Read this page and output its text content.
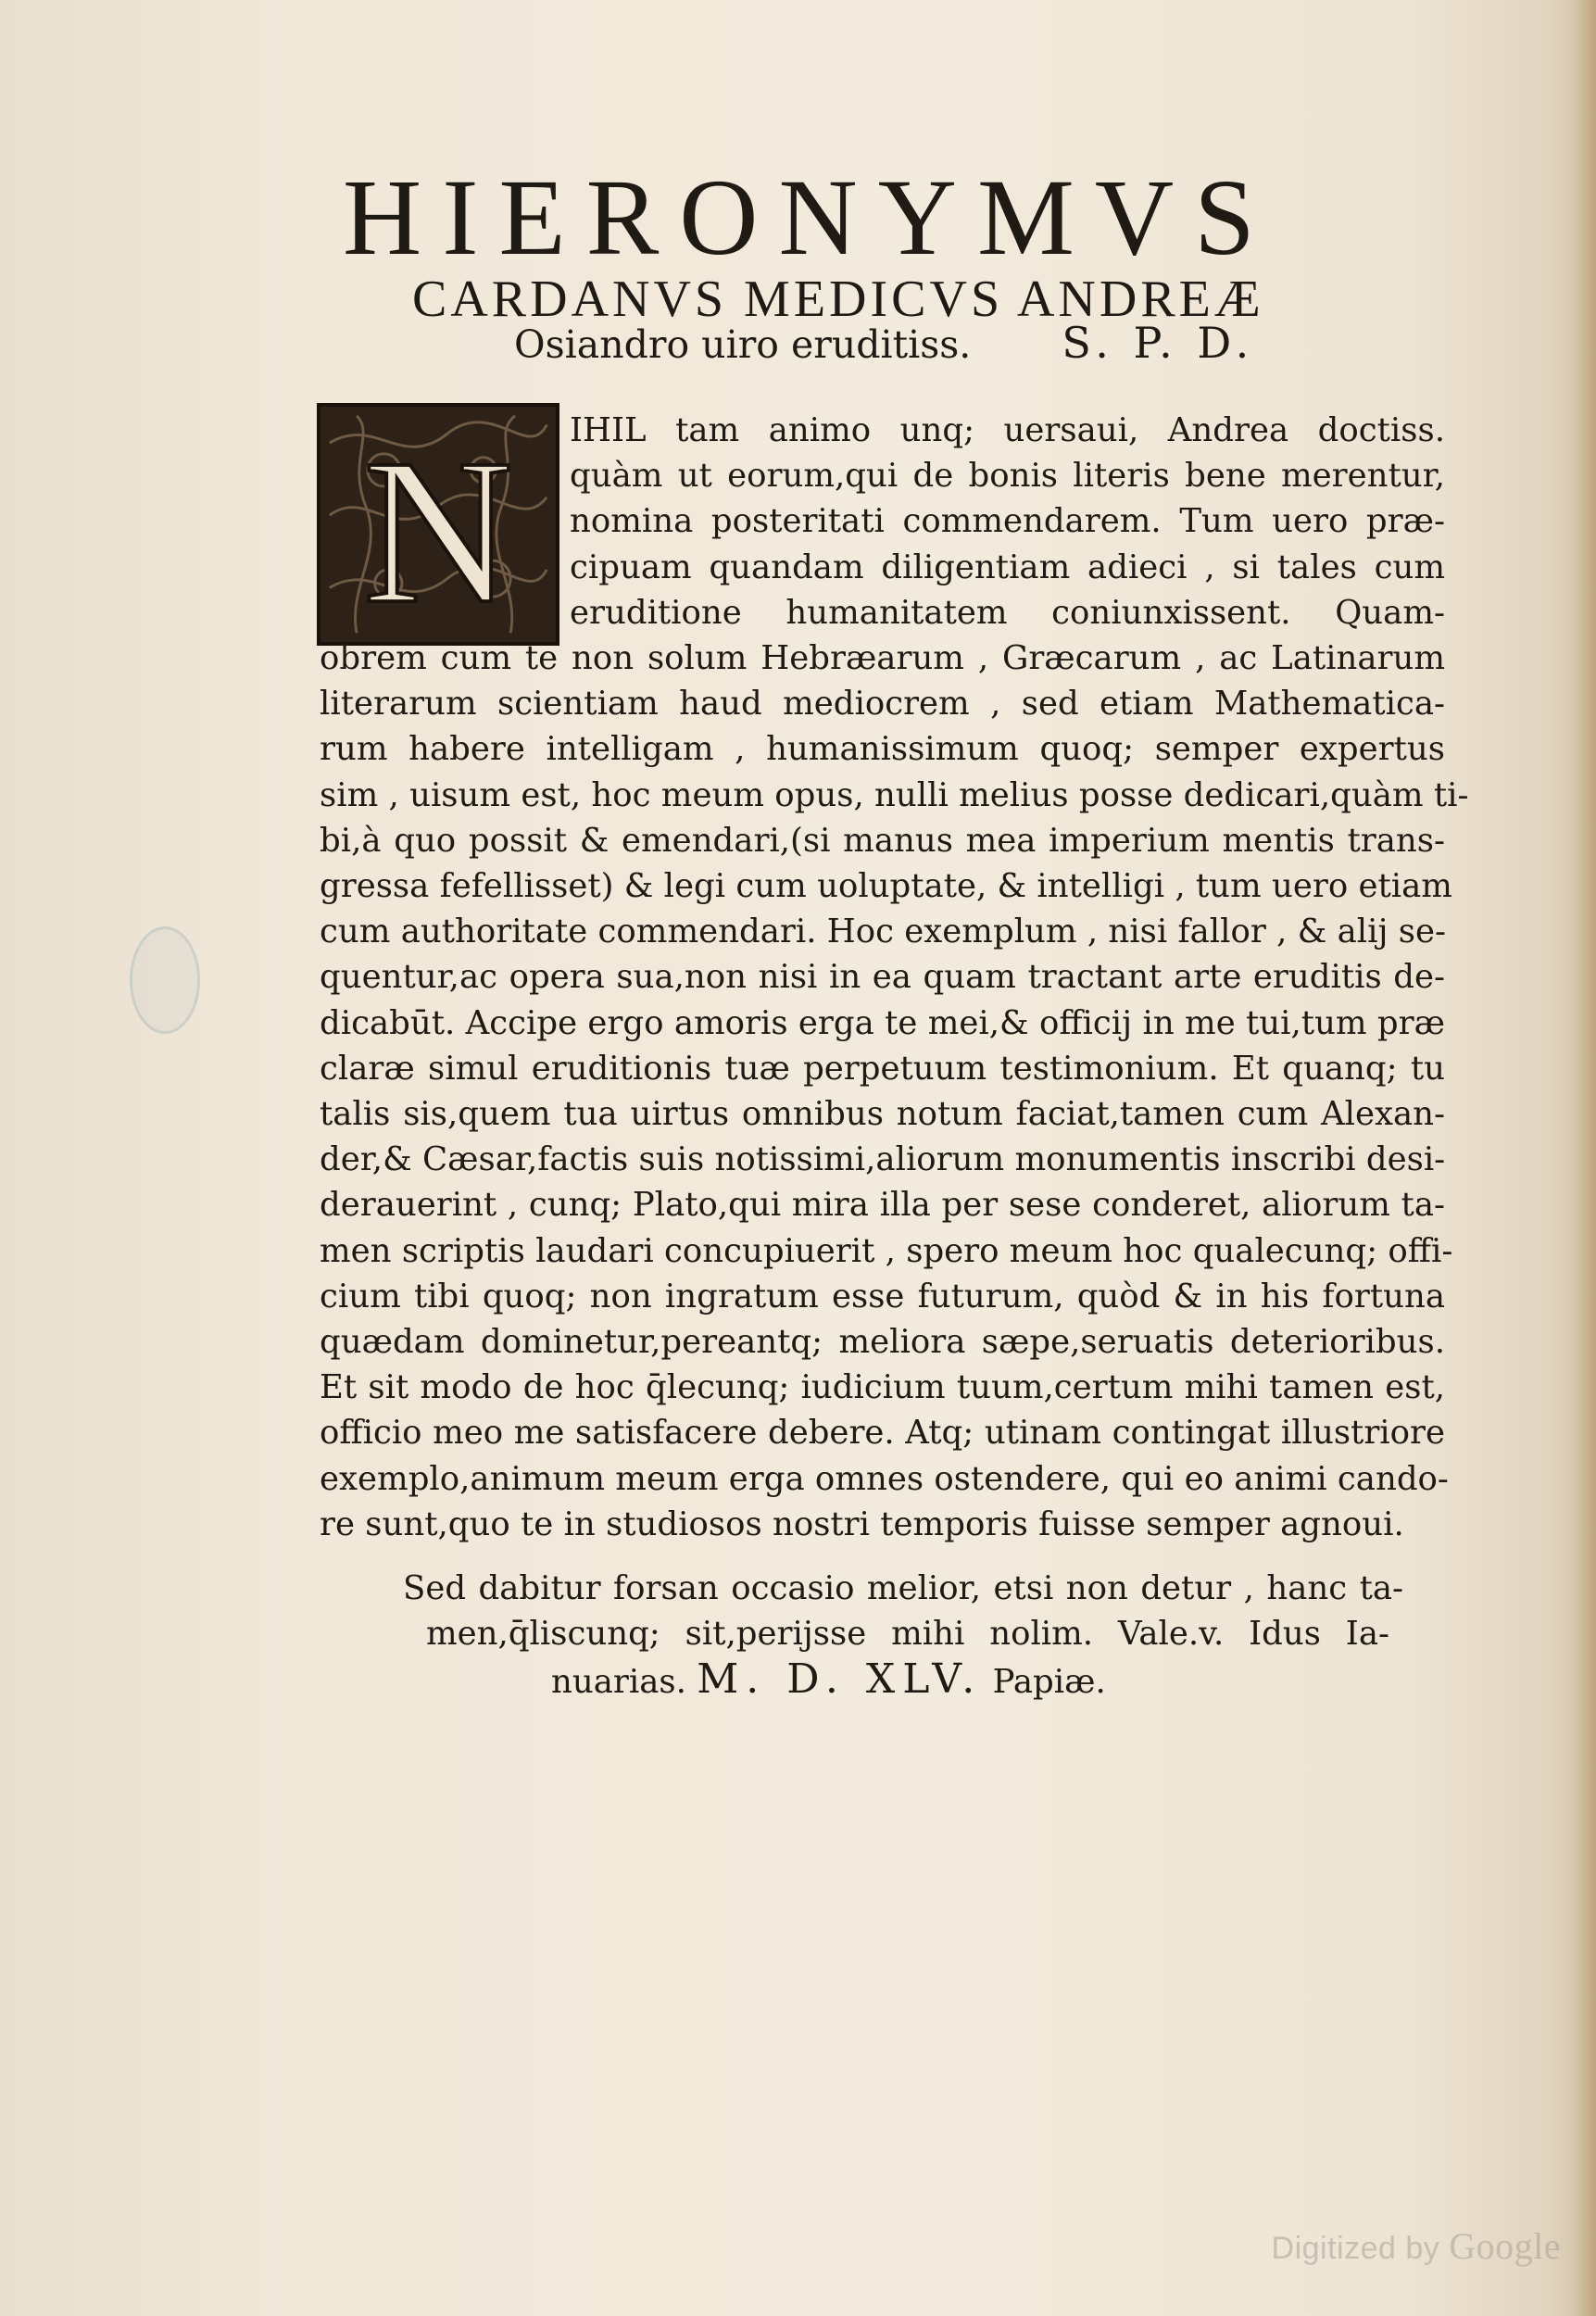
HIERONYMVS
CARDANVS MEDICVS ANDREÆ
Osiandro uiro eruditiss. S. P. D.
N	IHIL tam animo unq; uersaui, Andrea doctiss.
quàm ut eorum,qui de bonis literis bene merentur,
nomina posteritati commendarem. Tum uero præ-
cipuam quandam diligentiam adieci , si tales cum
eruditione humanitatem coniunxissent. Quam-
obrem cum te non solum Hebræarum , Græcarum , ac Latinarum
literarum scientiam haud mediocrem , sed etiam Mathematica-
rum habere intelligam , humanissimum quoq; semper expertus
sim , uisum est, hoc meum opus, nulli melius posse dedicari,quàm ti-
bi,à quo possit & emendari,(si manus mea imperium mentis trans-
gressa fefellisset) & legi cum uoluptate, & intelligi , tum uero etiam
cum authoritate commendari. Hoc exemplum , nisi fallor , & alij se-
quentur,ac opera sua,non nisi in ea quam tractant arte eruditis de-
dicabūt. Accipe ergo amoris erga te mei,& officij in me tui,tum præ
claræ simul eruditionis tuæ perpetuum testimonium. Et quanq; tu
talis sis,quem tua uirtus omnibus notum faciat,tamen cum Alexan-
der,& Cæsar,factis suis notissimi,aliorum monumentis inscribi desi-
derauerint , cunq; Plato,qui mira illa per sese conderet, aliorum ta-
men scriptis laudari concupiuerit , spero meum hoc qualecunq; offi-
cium tibi quoq; non ingratum esse futurum, quòd & in his fortuna
quædam dominetur,pereantq; meliora sæpe,seruatis deterioribus.
Et sit modo de hoc q̄lecunq; iudicium tuum,certum mihi tamen est,
officio meo me satisfacere debere. Atq; utinam contingat illustriore
exemplo,animum meum erga omnes ostendere, qui eo animi cando-
re sunt,quo te in studiosos nostri temporis fuisse semper agnoui.
Sed dabitur forsan occasio melior, etsi non detur , hanc ta-
men,q̄liscunq; sit,perijsse mihi nolim. Vale.v. Idus Ia-
nuarias. M. D. XLV. Papiæ.
Digitized by Google
